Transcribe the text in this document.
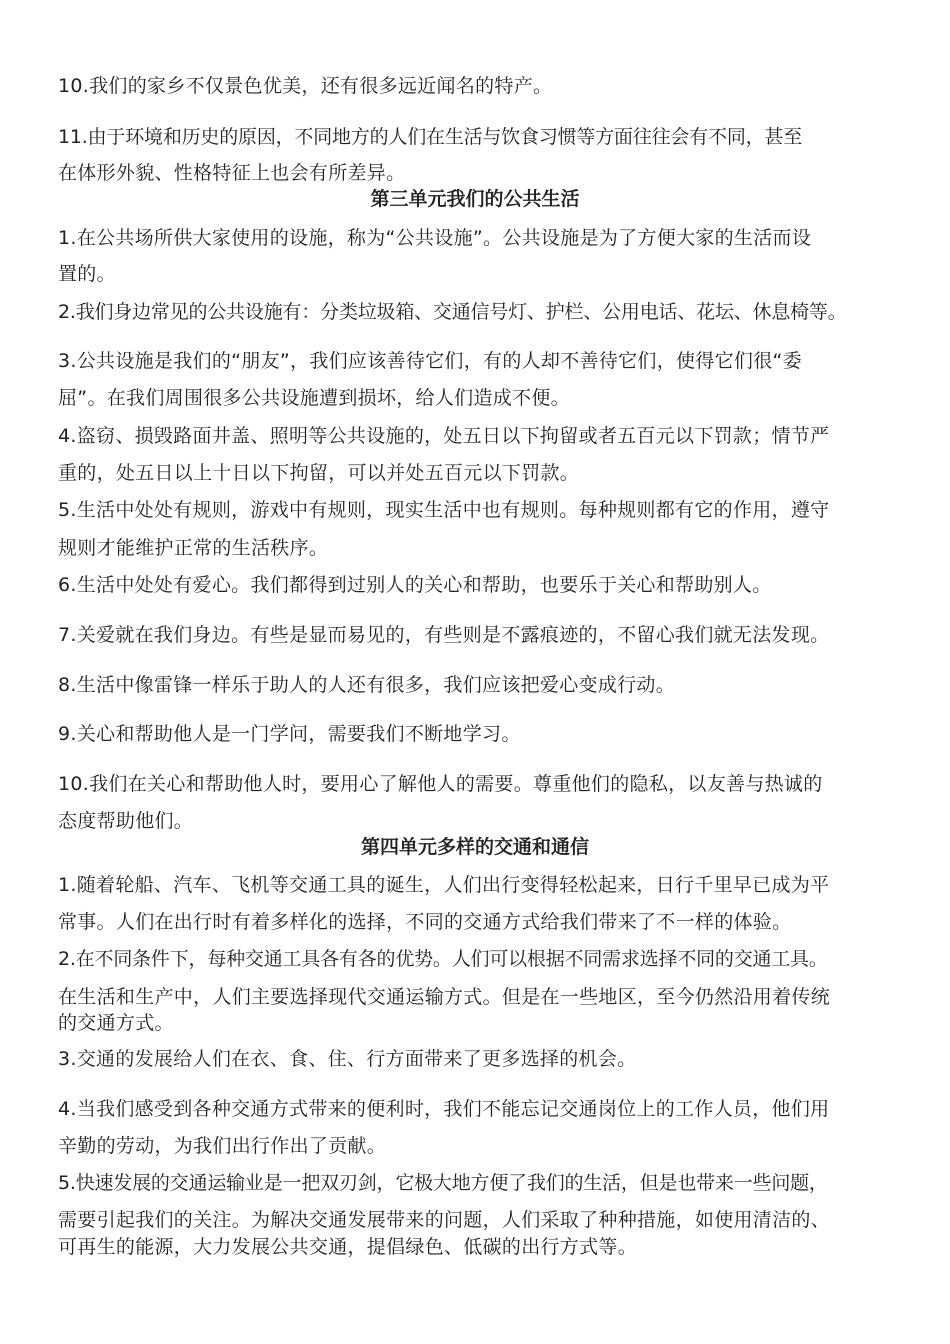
10.我们的家乡不仅景色优美，还有很多远近闻名的特产。
11.由于环境和历史的原因，不同地方的人们在生活与饮食习惯等方面往往会有不同，甚至
在体形外貌、性格特征上也会有所差异。
第三单元我们的公共生活
1.在公共场所供大家使用的设施，称为“公共设施”。公共设施是为了方便大家的生活而设
置的。
2.我们身边常见的公共设施有：分类垃圾箱、交通信号灯、护栏、公用电话、花坛、休息椅等。
3.公共设施是我们的“朋友”，我们应该善待它们，有的人却不善待它们，使得它们很“委
屈”。在我们周围很多公共设施遭到损坏，给人们造成不便。
4.盗窃、损毁路面井盖、照明等公共设施的，处五日以下拘留或者五百元以下罚款；情节严
重的，处五日以上十日以下拘留，可以并处五百元以下罚款。
5.生活中处处有规则，游戏中有规则，现实生活中也有规则。每种规则都有它的作用，遵守
规则才能维护正常的生活秩序。
6.生活中处处有爱心。我们都得到过别人的关心和帮助，也要乐于关心和帮助别人。
7.关爱就在我们身边。有些是显而易见的，有些则是不露痕迹的，不留心我们就无法发现。
8.生活中像雷锋一样乐于助人的人还有很多，我们应该把爱心变成行动。
9.关心和帮助他人是一门学问，需要我们不断地学习。
10.我们在关心和帮助他人时，要用心了解他人的需要。尊重他们的隐私，以友善与热诚的
态度帮助他们。
第四单元多样的交通和通信
1.随着轮船、汽车、飞机等交通工具的诞生，人们出行变得轻松起来，日行千里早已成为平
常事。人们在出行时有着多样化的选择，不同的交通方式给我们带来了不一样的体验。
2.在不同条件下，每种交通工具各有各的优势。人们可以根据不同需求选择不同的交通工具。
在生活和生产中，人们主要选择现代交通运输方式。但是在一些地区，至今仍然沿用着传统
的交通方式。
3.交通的发展给人们在衣、食、住、行方面带来了更多选择的机会。
4.当我们感受到各种交通方式带来的便利时，我们不能忘记交通岗位上的工作人员，他们用
辛勤的劳动，为我们出行作出了贡献。
5.快速发展的交通运输业是一把双刃剑，它极大地方便了我们的生活，但是也带来一些问题，
需要引起我们的关注。为解决交通发展带来的问题，人们采取了种种措施，如使用清洁的、
可再生的能源，大力发展公共交通，提倡绿色、低碳的出行方式等。
